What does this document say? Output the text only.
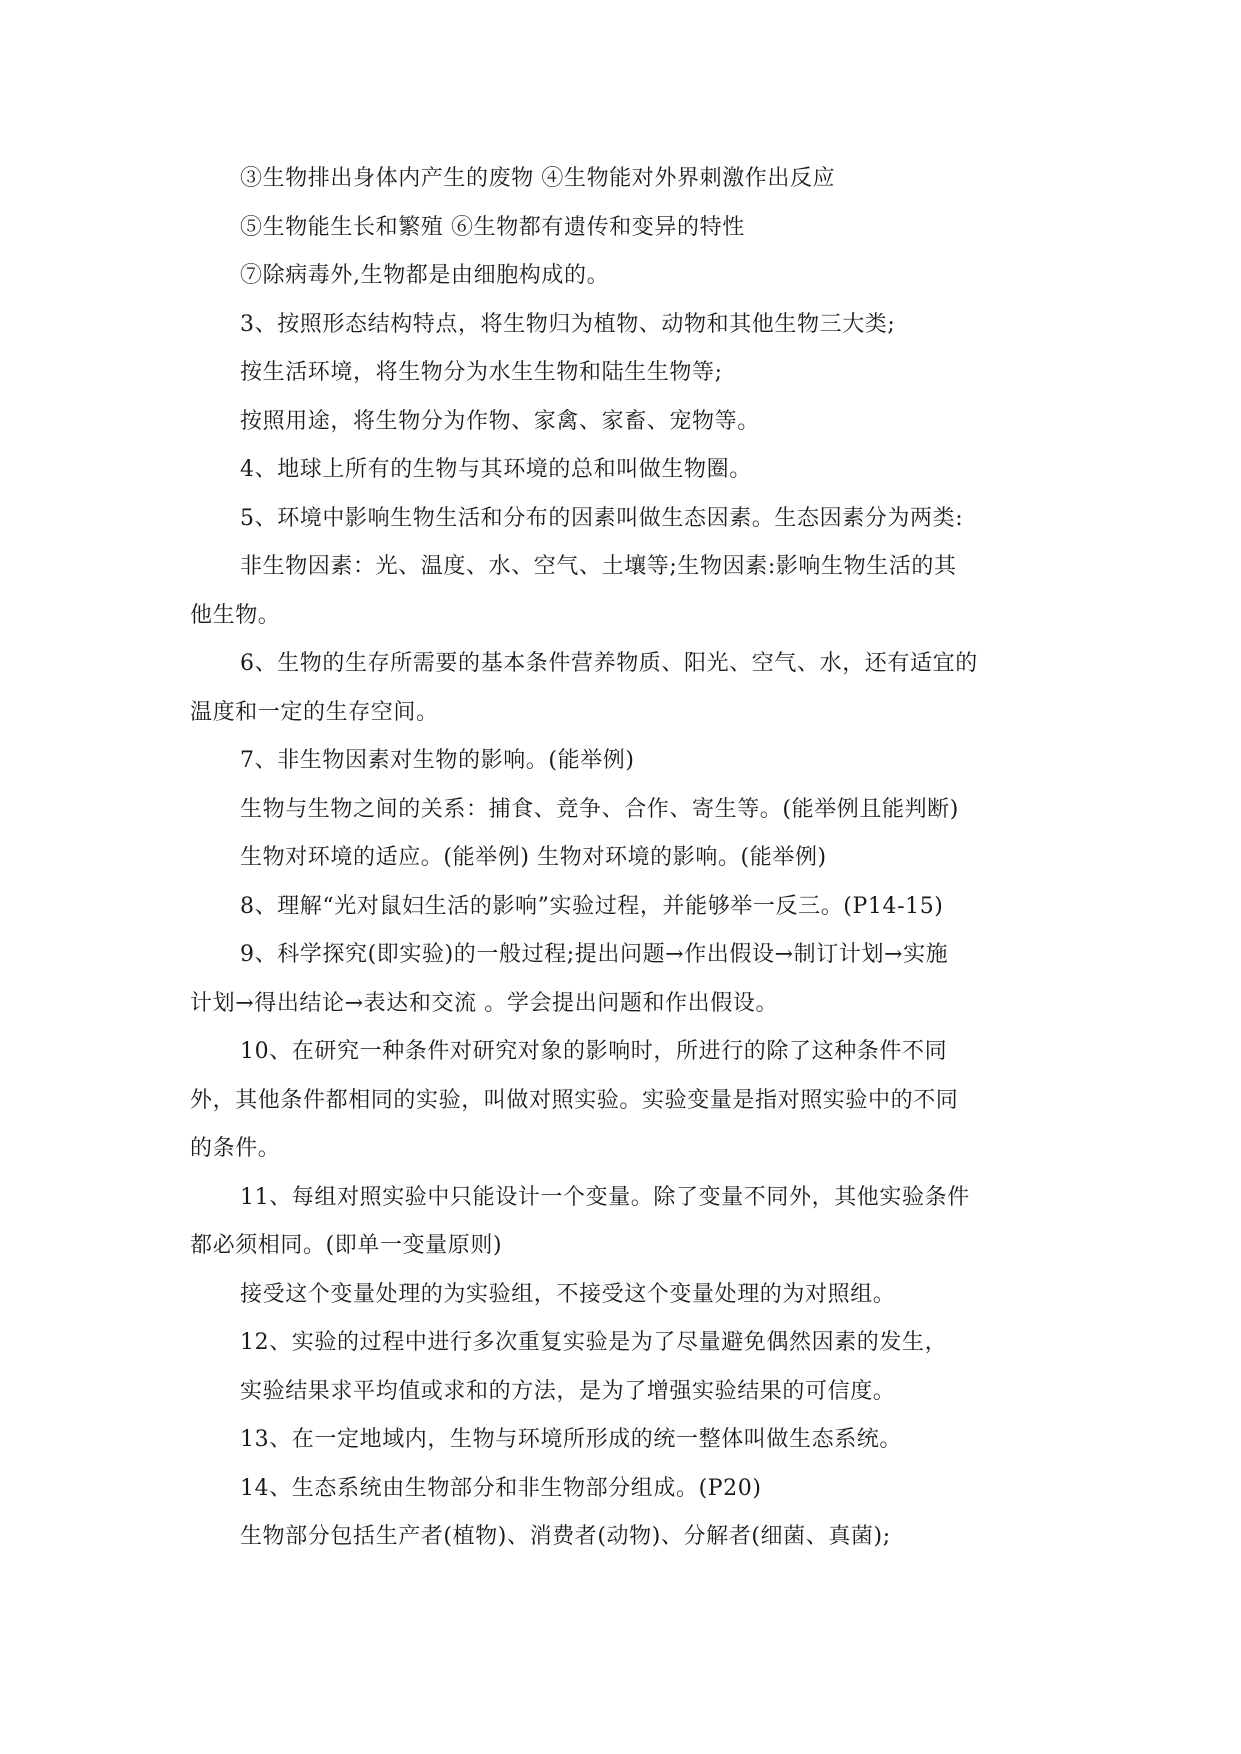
③生物排出身体内产生的废物 ④生物能对外界刺激作出反应
⑤生物能生长和繁殖 ⑥生物都有遗传和变异的特性
⑦除病毒外,生物都是由细胞构成的。
3、按照形态结构特点，将生物归为植物、动物和其他生物三大类;
按生活环境，将生物分为水生生物和陆生生物等;
按照用途，将生物分为作物、家禽、家畜、宠物等。
4、地球上所有的生物与其环境的总和叫做生物圈。
5、环境中影响生物生活和分布的因素叫做生态因素。生态因素分为两类:
非生物因素：光、温度、水、空气、土壤等;生物因素:影响生物生活的其
他生物。
6、生物的生存所需要的基本条件营养物质、阳光、空气、水，还有适宜的
温度和一定的生存空间。
7、非生物因素对生物的影响。(能举例)
生物与生物之间的关系：捕食、竞争、合作、寄生等。(能举例且能判断)
生物对环境的适应。(能举例) 生物对环境的影响。(能举例)
8、理解“光对鼠妇生活的影响”实验过程，并能够举一反三。(P14-15)
9、科学探究(即实验)的一般过程;提出问题→作出假设→制订计划→实施
计划→得出结论→表达和交流 。学会提出问题和作出假设。
10、在研究一种条件对研究对象的影响时，所进行的除了这种条件不同
外，其他条件都相同的实验，叫做对照实验。实验变量是指对照实验中的不同
的条件。
11、每组对照实验中只能设计一个变量。除了变量不同外，其他实验条件
都必须相同。(即单一变量原则)
接受这个变量处理的为实验组，不接受这个变量处理的为对照组。
12、实验的过程中进行多次重复实验是为了尽量避免偶然因素的发生，
实验结果求平均值或求和的方法，是为了增强实验结果的可信度。
13、在一定地域内，生物与环境所形成的统一整体叫做生态系统。
14、生态系统由生物部分和非生物部分组成。(P20)
生物部分包括生产者(植物)、消费者(动物)、分解者(细菌、真菌);
